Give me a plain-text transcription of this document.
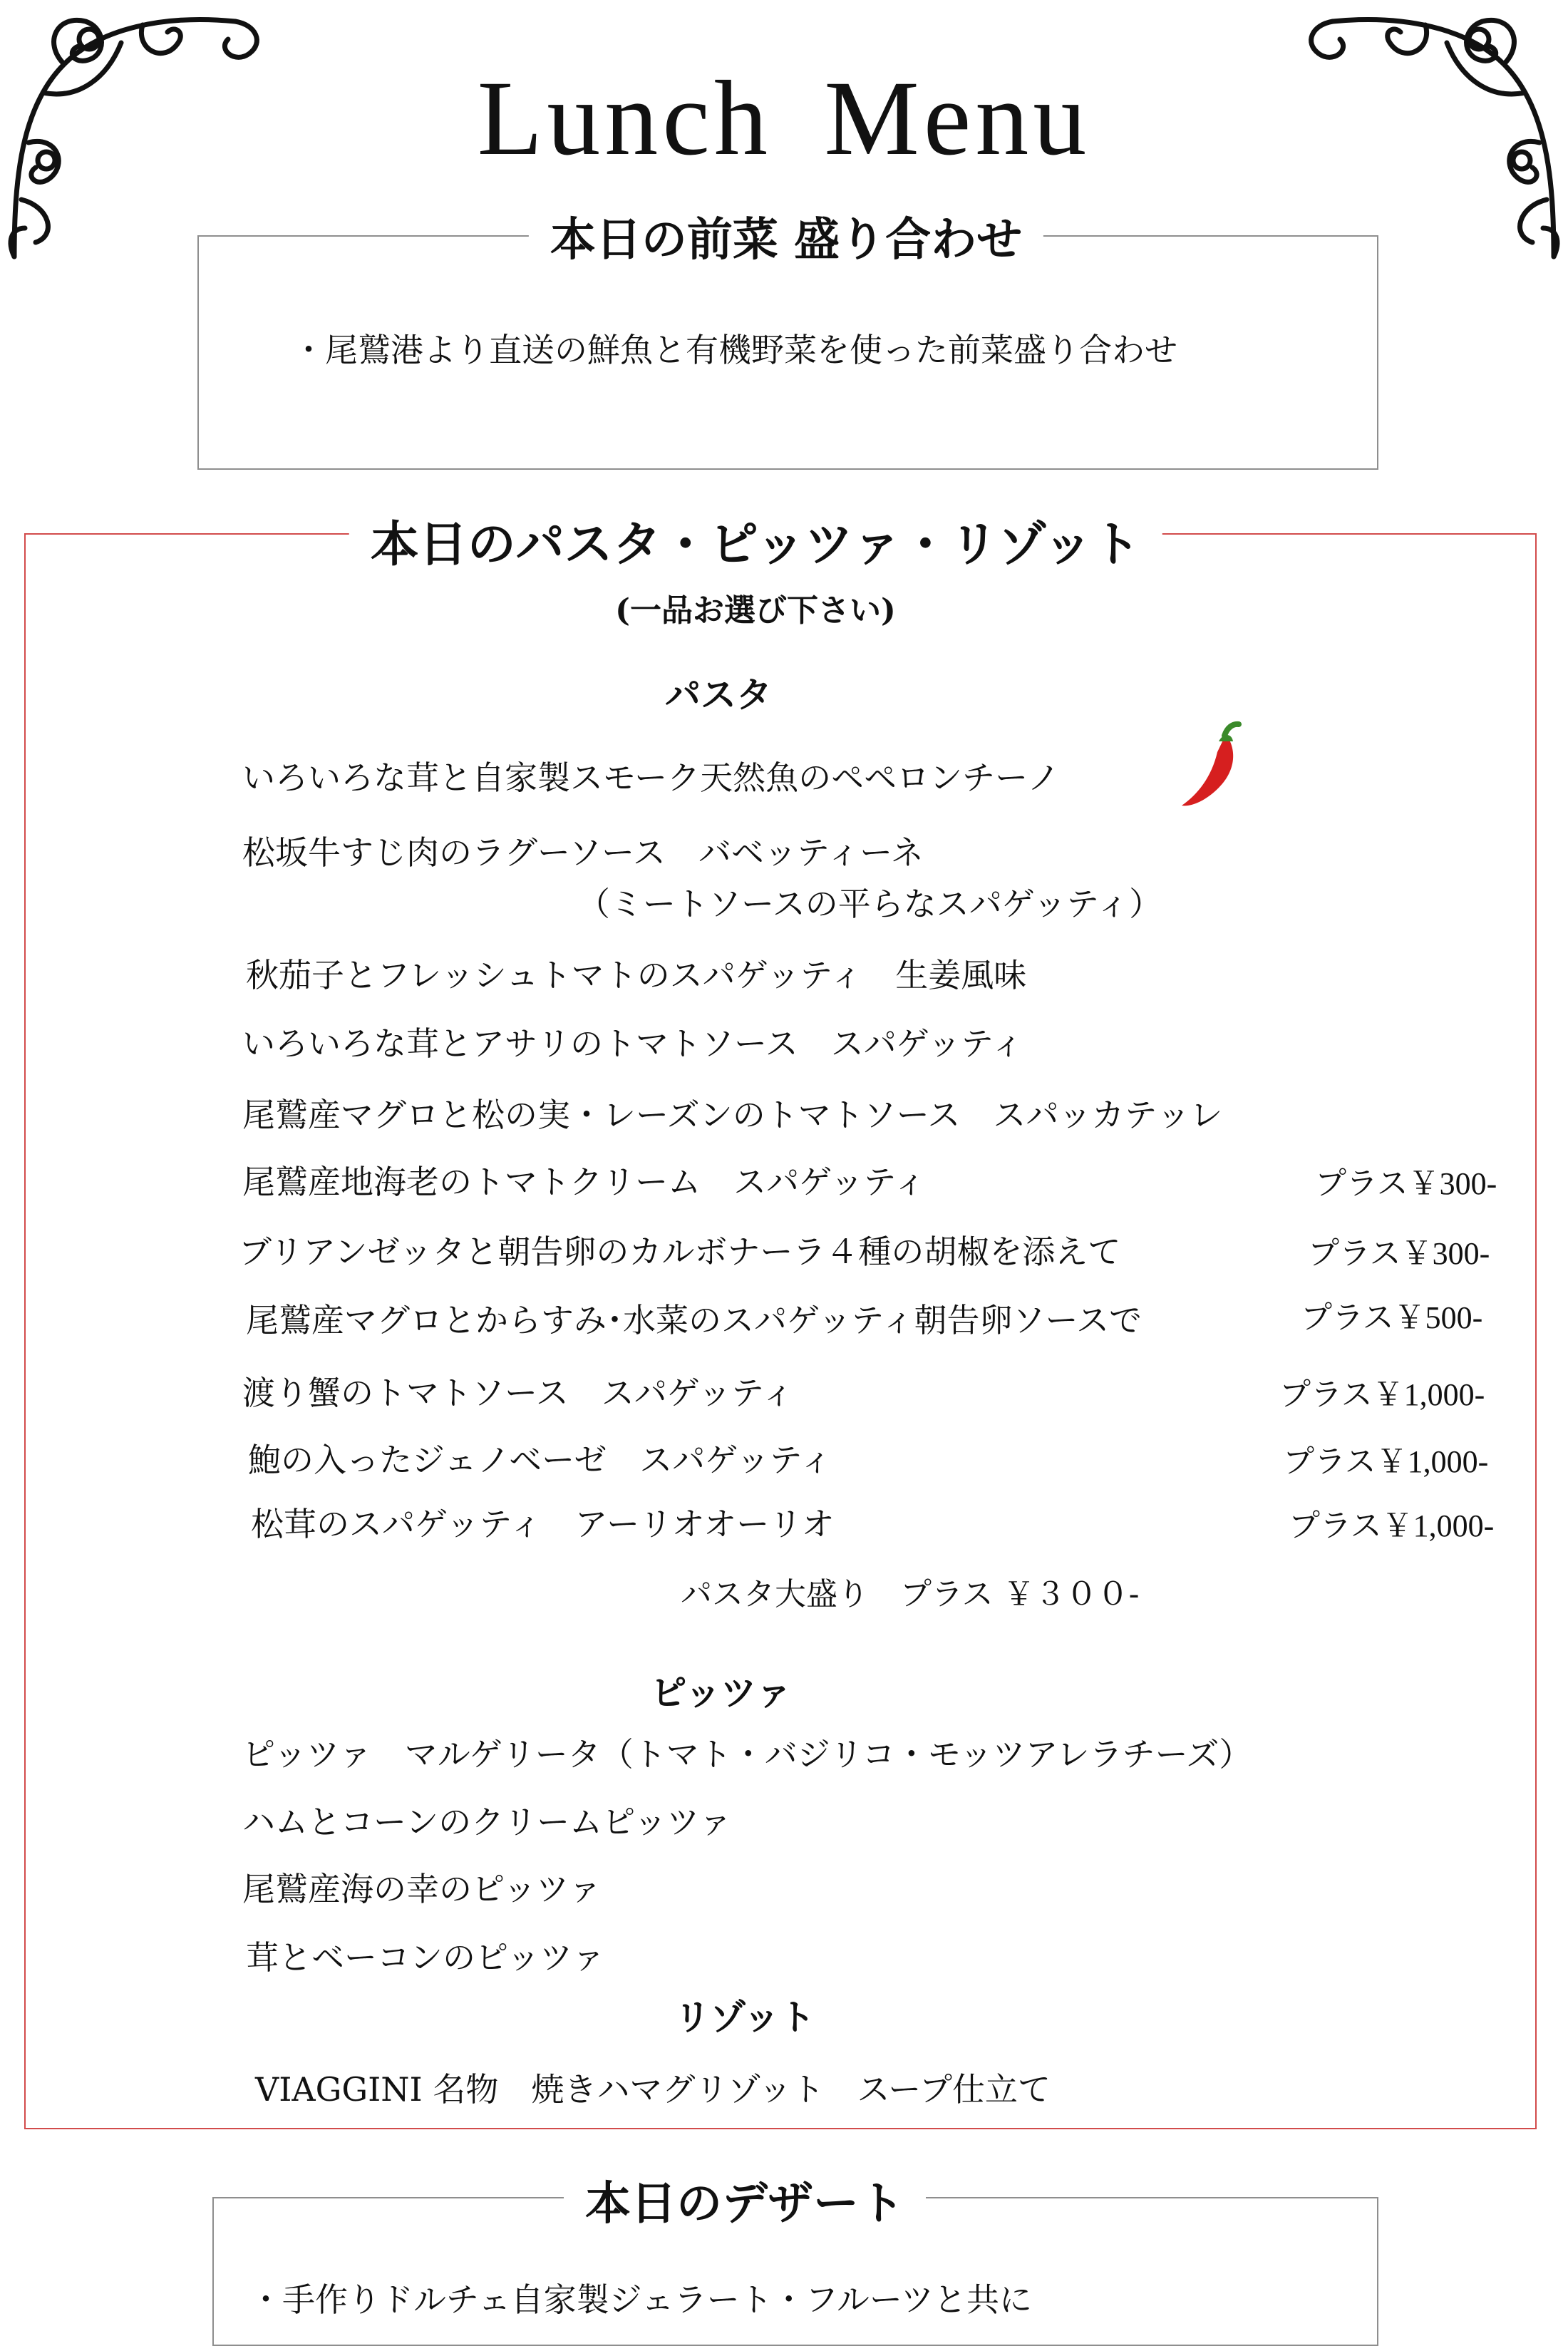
Lunch Menu
本日の前菜 盛り合わせ
・尾鷲港より直送の鮮魚と有機野菜を使った前菜盛り合わせ
本日のパスタ・ピッツァ・リゾット
(一品お選び下さい)
パスタ
いろいろな茸と自家製スモーク天然魚のペペロンチーノ
松坂牛すじ肉のラグーソース　バベッティーネ
（ミートソースの平らなスパゲッティ）
秋茄子とフレッシュトマトのスパゲッティ　生姜風味
いろいろな茸とアサリのトマトソース　スパゲッティ
尾鷲産マグロと松の実・レーズンのトマトソース　スパッカテッレ
尾鷲産地海老のトマトクリーム　スパゲッティ	プラス￥300-
ブリアンゼッタと朝告卵のカルボナーラ４種の胡椒を添えて	プラス￥300-
尾鷲産マグロとからすみ･水菜のスパゲッティ朝告卵ソースで	プラス￥500-
渡り蟹のトマトソース　スパゲッティ	プラス￥1,000-
鮑の入ったジェノベーゼ　スパゲッティ	プラス￥1,000-
松茸のスパゲッティ　アーリオオーリオ	プラス￥1,000-
パスタ大盛り　プラス ￥３００-
ピッツァ
ピッツァ　マルゲリータ（トマト・バジリコ・モッツアレラチーズ）
ハムとコーンのクリームピッツァ
尾鷲産海の幸のピッツァ
茸とベーコンのピッツァ
リゾット
VIAGGINI 名物　焼きハマグリゾット　スープ仕立て
本日のデザート
・手作りドルチェ自家製ジェラート・フルーツと共に
